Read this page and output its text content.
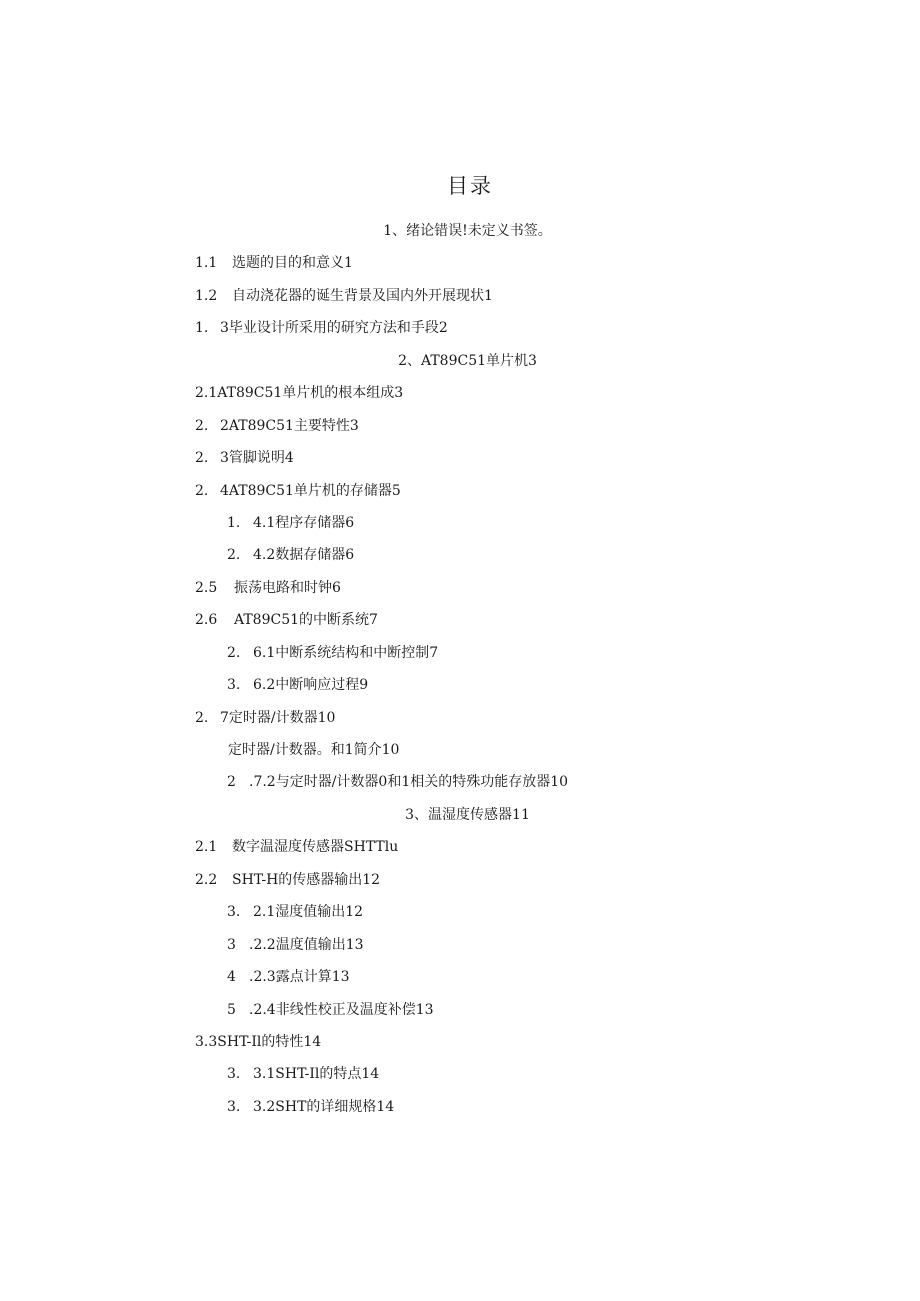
目录
1、绪论错误!未定义书签。
1.1 选题的目的和意义1
1.2 自动浇花器的诞生背景及国内外开展现状1
1. 3毕业设计所采用的研究方法和手段2
2、AT89C51单片机3
2.1AT89C51单片机的根本组成3
2. 2AT89C51主要特性3
2. 3管脚说明4
2. 4AT89C51单片机的存储器5
1. 4.1程序存储器6
2. 4.2数据存储器6
2.5 振荡电路和时钟6
2.6 AT89C51的中断系统7
2. 6.1中断系统结构和中断控制7
3. 6.2中断响应过程9
2. 7定时器/计数器10
定时器/计数器。和1简介10
2 .7.2与定时器/计数器0和1相关的特殊功能存放器10
3、温湿度传感器11
2.1 数字温湿度传感器SHTTlu
2.2 SHT-H的传感器输出12
3. 2.1湿度值输出12
3 .2.2温度值输出13
4 .2.3露点计算13
5 .2.4非线性校正及温度补偿13
3.3SHT-Il的特性14
3. 3.1SHT-Il的特点14
3. 3.2SHT的详细规格14
